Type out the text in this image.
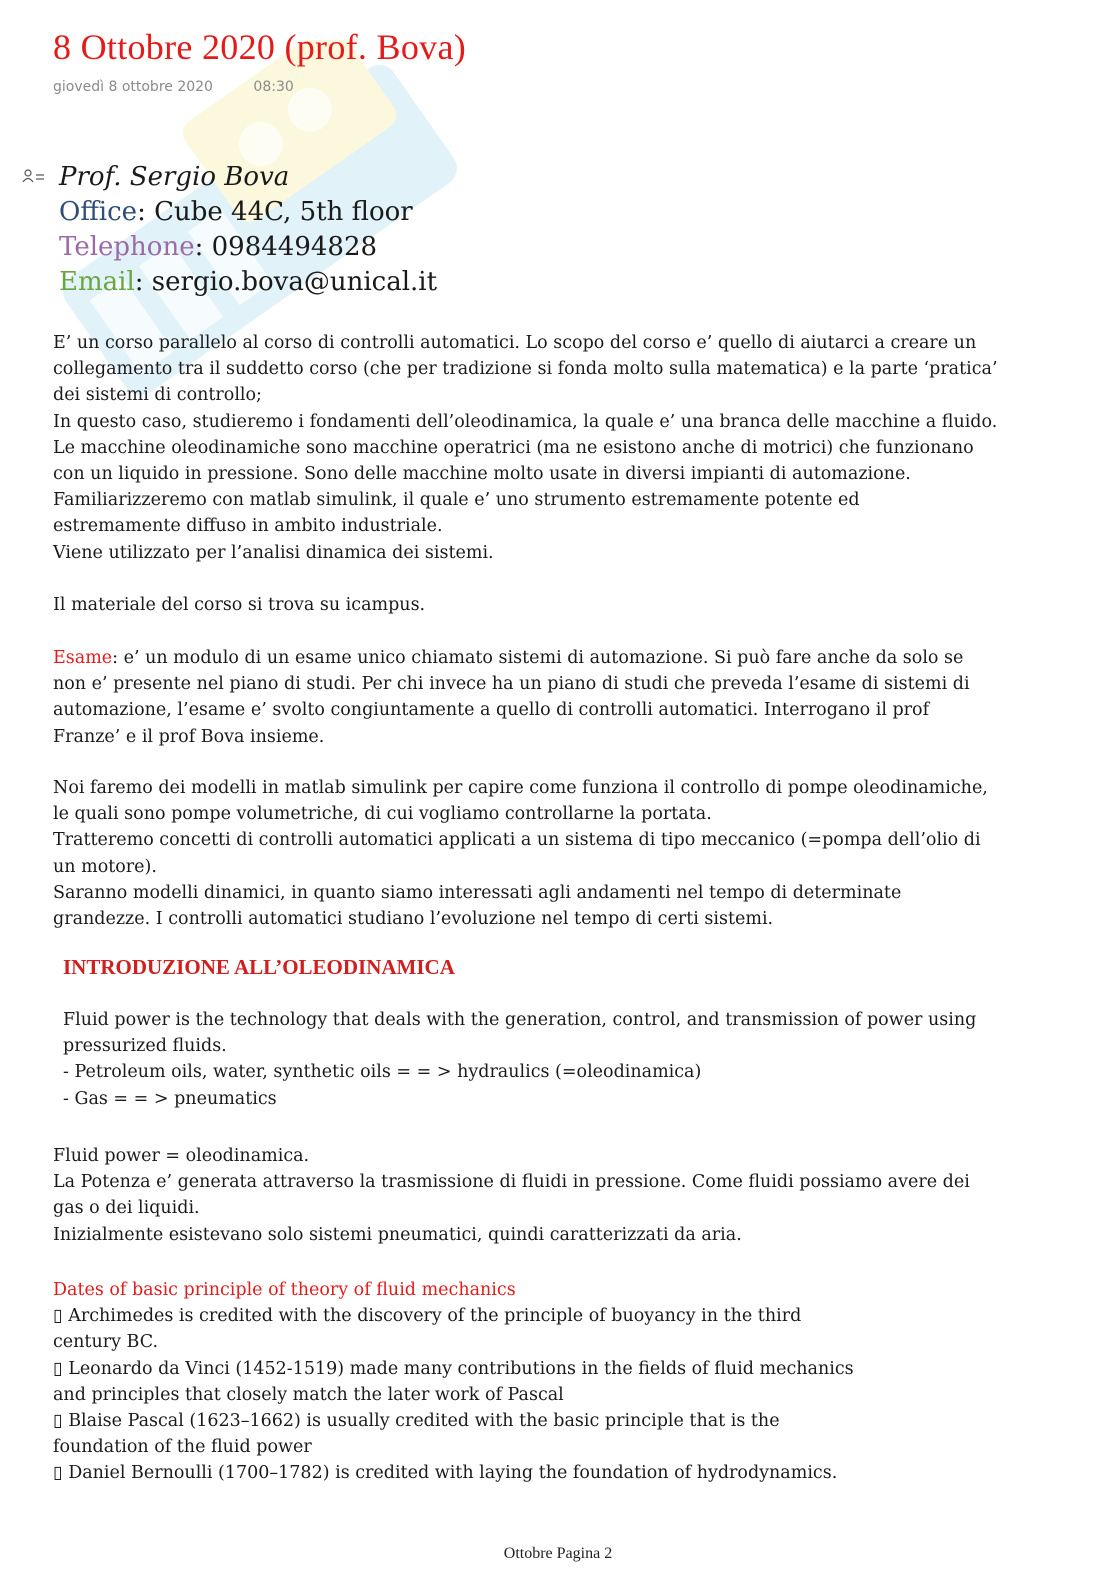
8 Ottobre 2020 (prof. Bova)
giovedì 8 ottobre 2020	08:30
Prof. Sergio Bova
Office: Cube 44C, 5th floor
Telephone: 0984494828
Email: sergio.bova@unical.it
E’ un corso parallelo al corso di controlli automatici. Lo scopo del corso e’ quello di aiutarci a creare un
collegamento tra il suddetto corso (che per tradizione si fonda molto sulla matematica) e la parte ‘pratica’
dei sistemi di controllo;
In questo caso, studieremo i fondamenti dell’oleodinamica, la quale e’ una branca delle macchine a fluido.
Le macchine oleodinamiche sono macchine operatrici (ma ne esistono anche di motrici) che funzionano
con un liquido in pressione. Sono delle macchine molto usate in diversi impianti di automazione.
Familiarizzeremo con matlab simulink, il quale e’ uno strumento estremamente potente ed
estremamente diffuso in ambito industriale.
Viene utilizzato per l’analisi dinamica dei sistemi.
Il materiale del corso si trova su icampus.
Esame: e’ un modulo di un esame unico chiamato sistemi di automazione. Si può fare anche da solo se
non e’ presente nel piano di studi. Per chi invece ha un piano di studi che preveda l’esame di sistemi di
automazione, l’esame e’ svolto congiuntamente a quello di controlli automatici. Interrogano il prof
Franze’ e il prof Bova insieme.
Noi faremo dei modelli in matlab simulink per capire come funziona il controllo di pompe oleodinamiche,
le quali sono pompe volumetriche, di cui vogliamo controllarne la portata.
Tratteremo concetti di controlli automatici applicati a un sistema di tipo meccanico (=pompa dell’olio di
un motore).
Saranno modelli dinamici, in quanto siamo interessati agli andamenti nel tempo di determinate
grandezze. I controlli automatici studiano l’evoluzione nel tempo di certi sistemi.
INTRODUZIONE ALL’OLEODINAMICA
Fluid power is the technology that deals with the generation, control, and transmission of power using
pressurized fluids.
- Petroleum oils, water, synthetic oils = = > hydraulics (=oleodinamica)
- Gas = = > pneumatics
Fluid power = oleodinamica.
La Potenza e’ generata attraverso la trasmissione di fluidi in pressione. Come fluidi possiamo avere dei
gas o dei liquidi.
Inizialmente esistevano solo sistemi pneumatici, quindi caratterizzati da aria.
Dates of basic principle of theory of fluid mechanics
▯ Archimedes is credited with the discovery of the principle of buoyancy in the third
century BC.
▯ Leonardo da Vinci (1452-1519) made many contributions in the fields of fluid mechanics
and principles that closely match the later work of Pascal
▯ Blaise Pascal (1623–1662) is usually credited with the basic principle that is the
foundation of the fluid power
▯ Daniel Bernoulli (1700–1782) is credited with laying the foundation of hydrodynamics.
Ottobre Pagina 2
